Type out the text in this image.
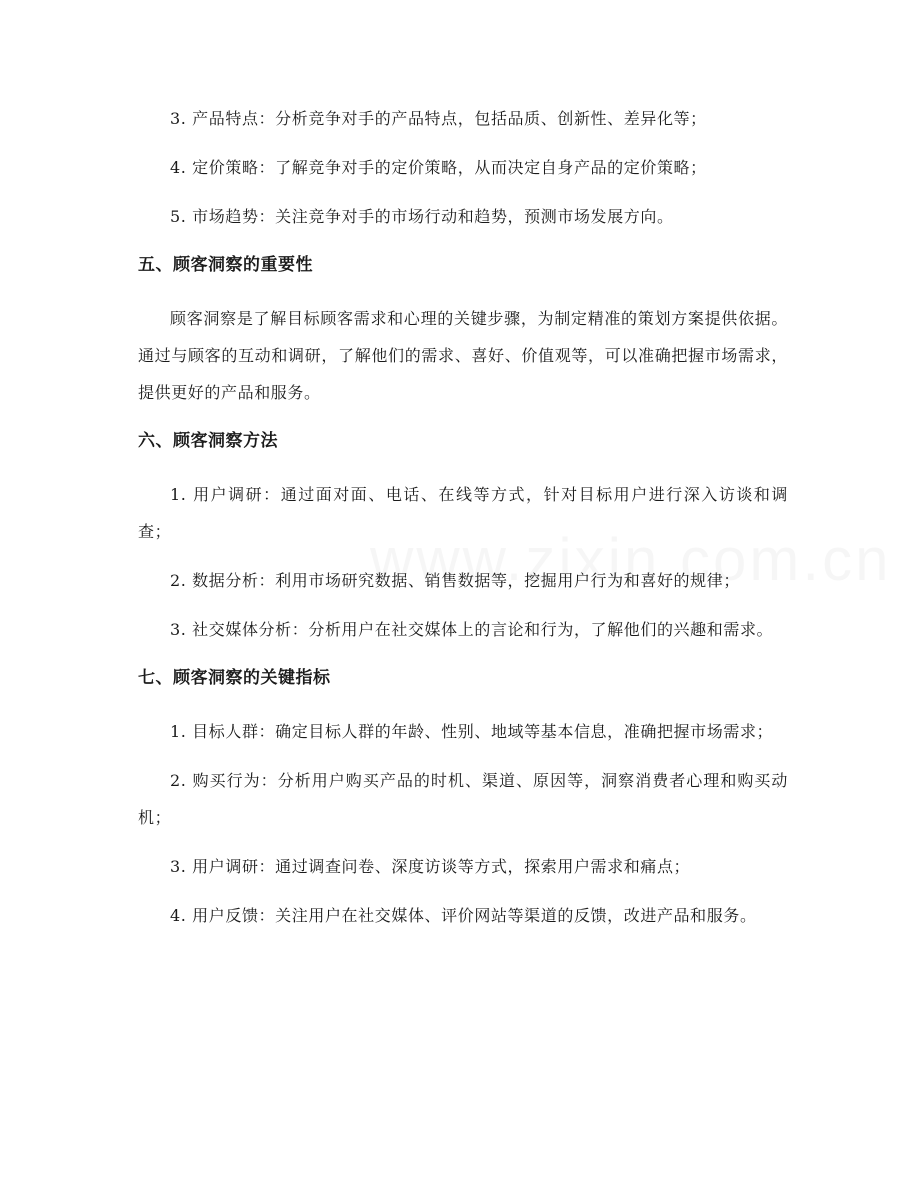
3. 产品特点：分析竞争对手的产品特点，包括品质、创新性、差异化等；

4. 定价策略：了解竞争对手的定价策略，从而决定自身产品的定价策略；

5. 市场趋势：关注竞争对手的市场行动和趋势，预测市场发展方向。

五、顾客洞察的重要性

顾客洞察是了解目标顾客需求和心理的关键步骤，为制定精准的策划方案提供依据。通过与顾客的互动和调研，了解他们的需求、喜好、价值观等，可以准确把握市场需求，提供更好的产品和服务。

六、顾客洞察方法

1. 用户调研：通过面对面、电话、在线等方式，针对目标用户进行深入访谈和调查；

2. 数据分析：利用市场研究数据、销售数据等，挖掘用户行为和喜好的规律；

3. 社交媒体分析：分析用户在社交媒体上的言论和行为，了解他们的兴趣和需求。

七、顾客洞察的关键指标

1. 目标人群：确定目标人群的年龄、性别、地域等基本信息，准确把握市场需求；

2. 购买行为：分析用户购买产品的时机、渠道、原因等，洞察消费者心理和购买动机；

3. 用户调研：通过调查问卷、深度访谈等方式，探索用户需求和痛点；

4. 用户反馈：关注用户在社交媒体、评价网站等渠道的反馈，改进产品和服务。
